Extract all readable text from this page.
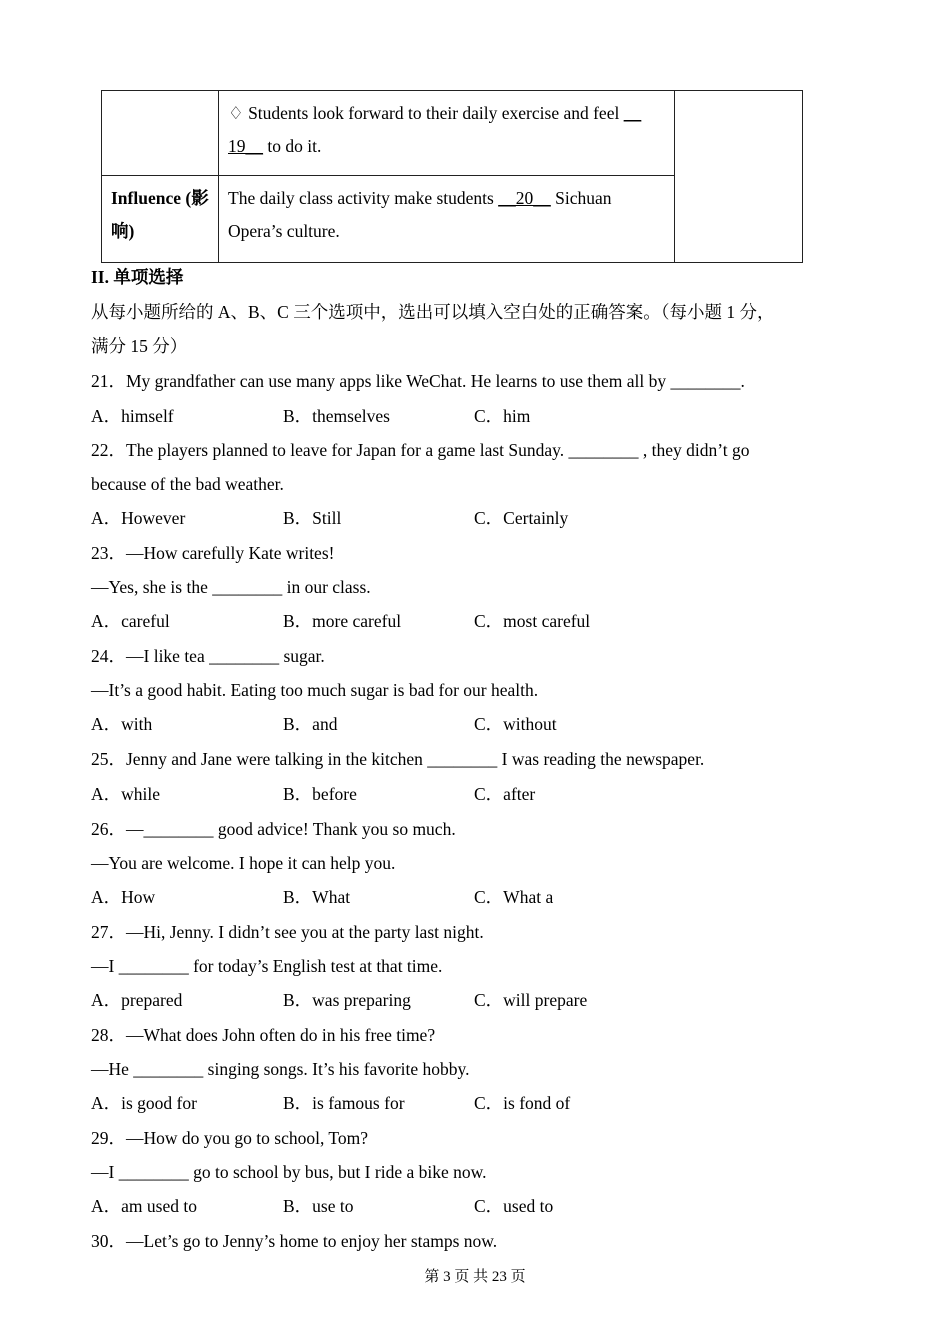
	♢ Students look forward to their daily exercise and feel __
19__ to do it.	
Influence (影
响)	The daily class activity make students __20__ Sichuan
Opera’s culture.	
II. 单项选择
从每小题所给的 A、B、C 三个选项中，选出可以填入空白处的正确答案。（每小题 1 分，
满分 15 分）
21．My grandfather can use many apps like WeChat. He learns to use them all by ________.
A．himself	B．themselves	C．him
22．The players planned to leave for Japan for a game last Sunday. ________ , they didn’t go
because of the bad weather.
A．However	B．Still	C．Certainly
23．—How carefully Kate writes!
—Yes, she is the ________ in our class.
A．careful	B．more careful	C．most careful
24．—I like tea ________ sugar.
—It’s a good habit. Eating too much sugar is bad for our health.
A．with	B．and	C．without
25．Jenny and Jane were talking in the kitchen ________ I was reading the newspaper.
A．while	B．before	C．after
26．—________ good advice! Thank you so much.
—You are welcome. I hope it can help you.
A．How	B．What	C．What a
27．—Hi, Jenny. I didn’t see you at the party last night.
—I ________ for today’s English test at that time.
A．prepared	B．was preparing	C．will prepare
28．—What does John often do in his free time?
—He ________ singing songs. It’s his favorite hobby.
A．is good for	B．is famous for	C．is fond of
29．—How do you go to school, Tom?
—I ________ go to school by bus, but I ride a bike now.
A．am used to	B．use to	C．used to
30．—Let’s go to Jenny’s home to enjoy her stamps now.
第 3 页 共 23 页
